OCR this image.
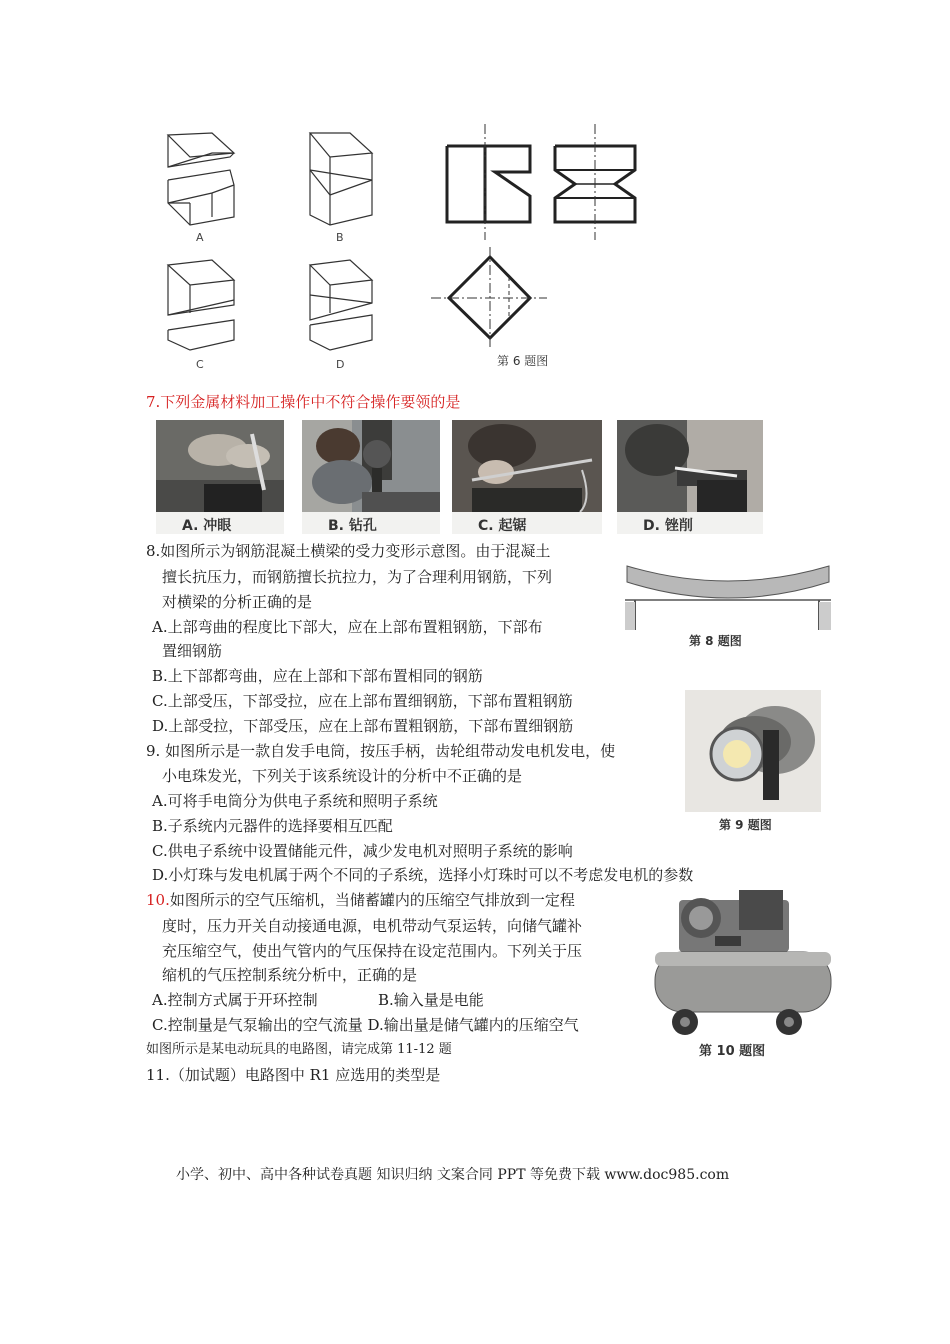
A	B
C	D	第 6 题图
7.下列金属材料加工操作中不符合操作要领的是
A. 冲眼	B. 钻孔	C. 起锯	D. 锉削
8.如图所示为钢筋混凝土横梁的受力变形示意图。由于混凝土
擅长抗压力，而钢筋擅长抗拉力，为了合理利用钢筋，下列
对横梁的分析正确的是
A.上部弯曲的程度比下部大，应在上部布置粗钢筋，下部布
置细钢筋
B.上下部都弯曲，应在上部和下部布置相同的钢筋
C.上部受压，下部受拉，应在上部布置细钢筋，下部布置粗钢筋
D.上部受拉，下部受压，应在上部布置粗钢筋，下部布置细钢筋
第 8 题图
9. 如图所示是一款自发手电筒，按压手柄，齿轮组带动发电机发电，使
小电珠发光，下列关于该系统设计的分析中不正确的是
A.可将手电筒分为供电子系统和照明子系统
B.子系统内元器件的选择要相互匹配
C.供电子系统中设置储能元件，减少发电机对照明子系统的影响
D.小灯珠与发电机属于两个不同的子系统，选择小灯珠时可以不考虑发电机的参数
第 9 题图
10.如图所示的空气压缩机，当储蓄罐内的压缩空气排放到一定程
度时，压力开关自动接通电源，电机带动气泵运转，向储气罐补
充压缩空气，使出气管内的气压保持在设定范围内。下列关于压
缩机的气压控制系统分析中，正确的是
A.控制方式属于开环控制	B.输入量是电能
C.控制量是气泵输出的空气流量 D.输出量是储气罐内的压缩空气
第 10 题图
如图所示是某电动玩具的电路图，请完成第 11-12 题
11.（加试题）电路图中 R1 应选用的类型是
小学、初中、高中各种试卷真题 知识归纳 文案合同 PPT 等免费下载 www.doc985.com
